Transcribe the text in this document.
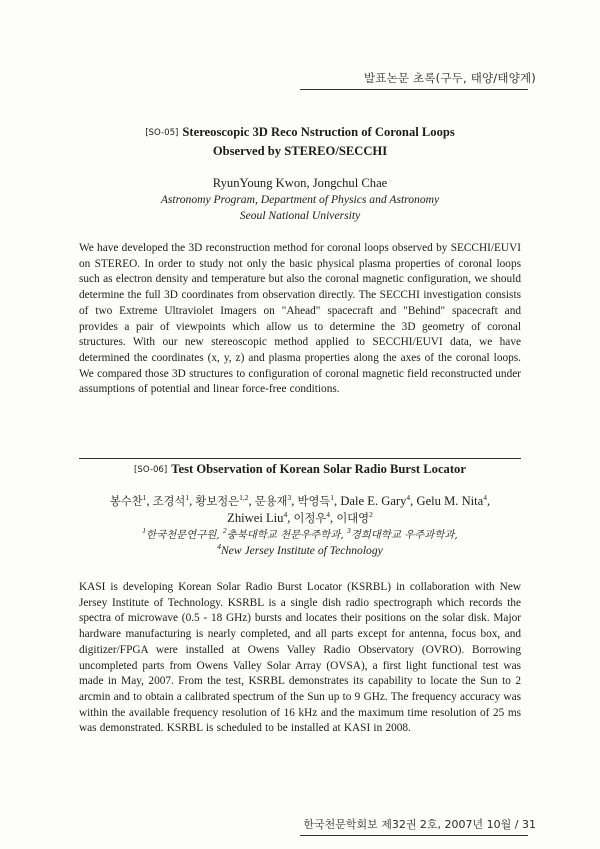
발표논문 초록(구두, 태양/태양계)
[SO-05] Stereoscopic 3D Reco Nstruction of Coronal Loops
Observed by STEREO/SECCHI
RyunYoung Kwon, Jongchul Chae
Astronomy Program, Department of Physics and Astronomy
Seoul National University

We have developed the 3D reconstruction method for coronal loops observed by SECCHI/EUVI on STEREO. In order to study not only the basic physical plasma properties of coronal loops such as electron density and temperature but also the coronal magnetic configuration, we should determine the full 3D coordinates from observation directly. The SECCHI investigation consists of two Extreme Ultraviolet Imagers on "Ahead" spacecraft and "Behind" spacecraft and provides a pair of viewpoints which allow us to determine the 3D geometry of coronal structures. With our new stereoscopic method applied to SECCHI/EUVI data, we have determined the coordinates (x, y, z) and plasma properties along the axes of the coronal loops. We compared those 3D structures to configuration of coronal magnetic field reconstructed under assumptions of potential and linear force-free conditions.

[SO-06] Test Observation of Korean Solar Radio Burst Locator
봉수찬$^1$, 조경석$^1$, 황보정은$^{1,2}$, 문용재$^3$, 박영득$^1$, Dale E. Gary$^4$, Gelu M. Nita$^4$,
Zhiwei Liu$^4$, 이정우$^4$, 이대영$^2$
$^1$한국천문연구원, $^2$충북대학교 천문우주학과, $^3$경희대학교 우주과학과,
$^4$New Jersey Institute of Technology

KASI is developing Korean Solar Radio Burst Locator (KSRBL) in collaboration with New Jersey Institute of Technology. KSRBL is a single dish radio spectrograph which records the spectra of microwave (0.5 - 18 GHz) bursts and locates their positions on the solar disk. Major hardware manufacturing is nearly completed, and all parts except for antenna, focus box, and digitizer/FPGA were installed at Owens Valley Radio Observatory (OVRO). Borrowing uncompleted parts from Owens Valley Solar Array (OVSA), a first light functional test was made in May, 2007. From the test, KSRBL demonstrates its capability to locate the Sun to 2 arcmin and to obtain a calibrated spectrum of the Sun up to 9 GHz. The frequency accuracy was within the available frequency resolution of 16 kHz and the maximum time resolution of 25 ms was demonstrated. KSRBL is scheduled to be installed at KASI in 2008.

한국천문학회보 제32권 2호, 2007년 10월 / 31
